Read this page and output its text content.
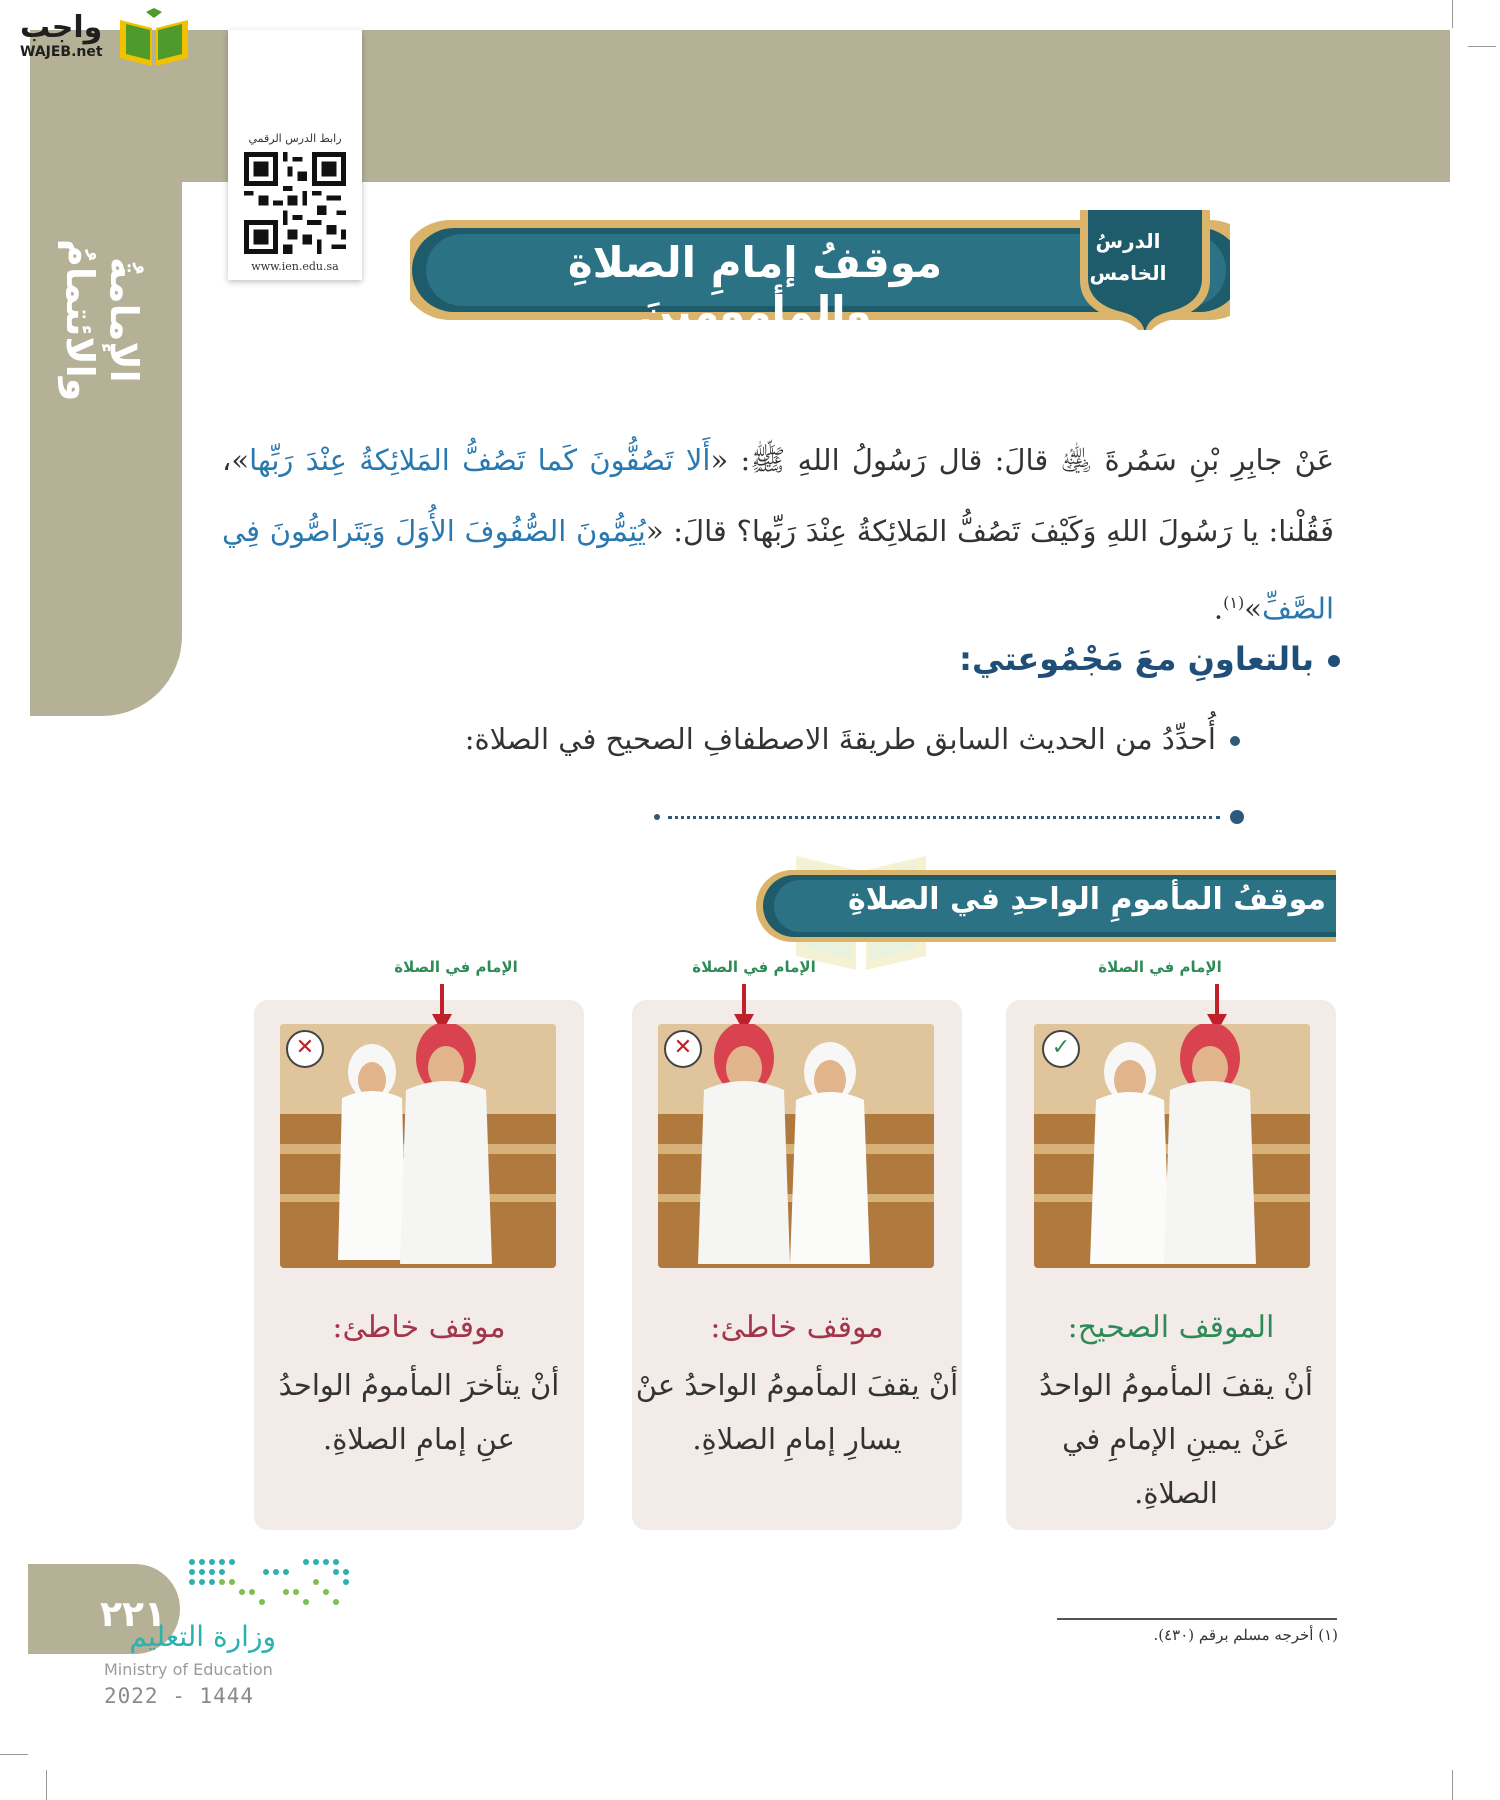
واجب
WAJEB.net
الإمامةُ والائتمامُ
رابط الدرس الرقمي
www.ien.edu.sa	موقفُ إمامِ الصلاةِ والمأمومينَ
الدرسُ
الخامس
عَنْ جابِرِ بْنِ سَمُرةَ ﵁ قالَ: قال رَسُولُ اللهِ ﷺ: «أَلا تَصُفُّونَ كَما تَصُفُّ المَلائِكةُ عِنْدَ رَبِّها»، فَقُلْنا: يا رَسُولَ اللهِ وَكَيْفَ تَصُفُّ المَلائِكةُ عِنْدَ رَبِّها؟ قالَ: «يُتِمُّونَ الصُّفُوفَ الأُوَلَ وَيَتَراصُّونَ فِي الصَّفِّ»$^{(١)}$.
بالتعاونِ معَ مَجْمُوعتي:
أُحدِّدُ من الحديث السابق طريقةَ الاصطفافِ الصحيح في الصلاة:
موقفُ المأمومِ الواحدِ في الصلاةِ
الإمام في الصلاة
✓
الموقف الصحيح:
أنْ يقفَ المأمومُ الواحدُ عَنْ يمينِ الإمامِ في الصلاةِ.
الإمام في الصلاة
✕
موقف خاطئ:
أنْ يقفَ المأمومُ الواحدُ عنْ يسارِ إمامِ الصلاةِ.
الإمام في الصلاة
✕
موقف خاطئ:
أنْ يتأخرَ المأمومُ الواحدُ عنِ إمامِ الصلاةِ.
(١) أخرجه مسلم برقم (٤٣٠).
٢٢١
وزارة التعليم
Ministry of Education
2022 - 1444
